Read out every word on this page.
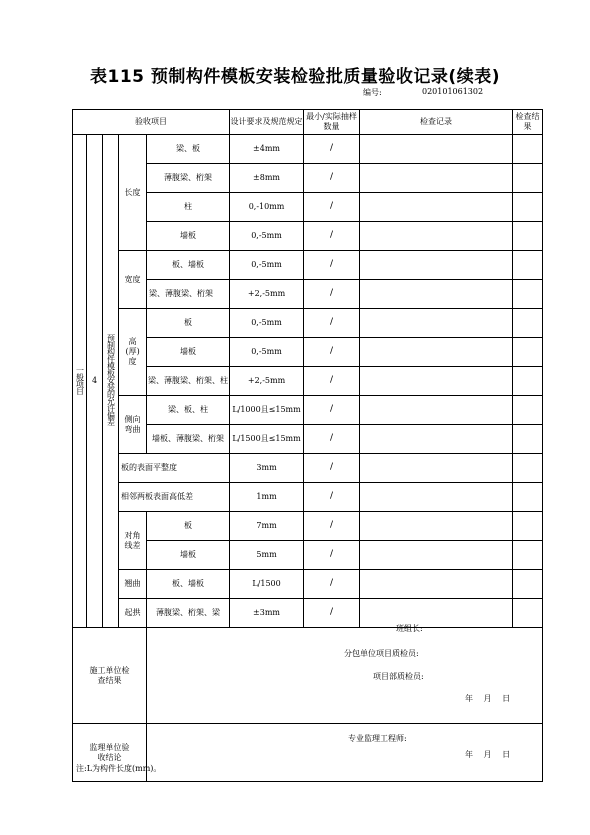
表115 预制构件模板安装检验批质量验收记录(续表)
编号:	020101061302
验收项目					设计要求及规范规定	最小/实际抽样数量	检查记录	检查结果
一般项目	4	预制构件模板安装的允许偏差	长度	梁、板	±4mm	/		
				薄腹梁、桁架	±8mm	/		
				柱	0,-10mm	/		
				墙板	0,-5mm	/		
			宽度	板、墙板	0,-5mm	/		
				梁、薄腹梁、桁架	+2,-5mm	/		
			高(厚)度	板	0,-5mm	/		
				墙板	0,-5mm	/		
				梁、薄腹梁、桁架、柱	+2,-5mm	/		
			侧向弯曲	梁、板、柱	L/1000且≤15mm	/		
				墙板、薄腹梁、桁架	L/1500且≤15mm	/		
			板的表面平整度		3mm	/		
			相邻两板表面高低差		1mm	/		
			对角线差	板	7mm	/		
				墙板	5mm	/		
			翘曲	板、墙板	L/1500	/		
			起拱	薄腹梁、桁架、梁	±3mm	/		
施工单位检查结果								
监理单位验收结论								
班组长:
分包单位项目质检员:
项目部质检员:
年 月 日
专业监理工程师:
年 月 日
注:L为构件长度(mm)。
